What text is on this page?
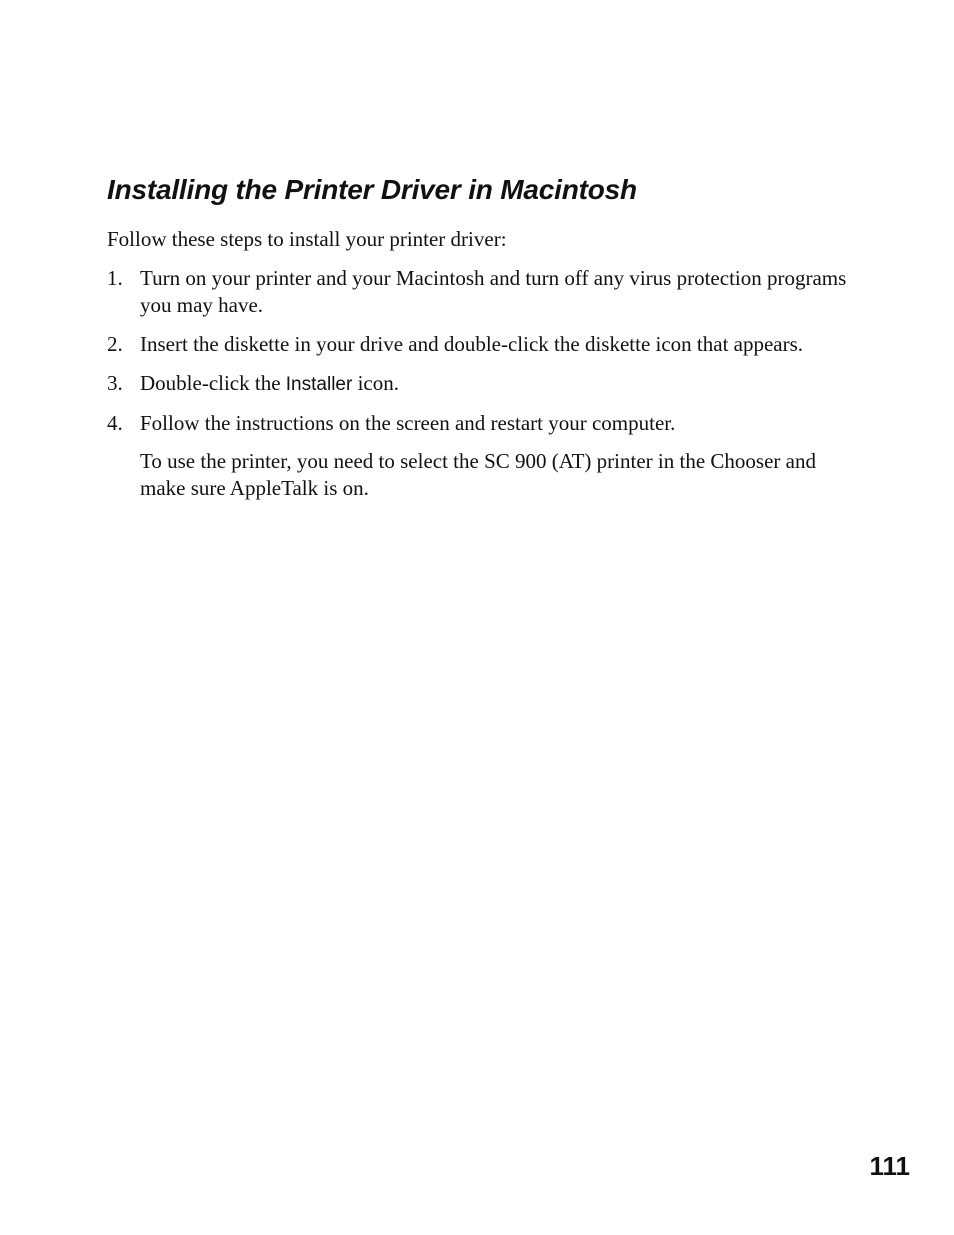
Installing the Printer Driver in Macintosh

Follow these steps to install your printer driver:

1. Turn on your printer and your Macintosh and turn off any virus protection programs you may have.
2. Insert the diskette in your drive and double-click the diskette icon that appears.
3. Double-click the Installer icon.
4. Follow the instructions on the screen and restart your computer.

To use the printer, you need to select the SC 900 (AT) printer in the Chooser and make sure AppleTalk is on.

111
